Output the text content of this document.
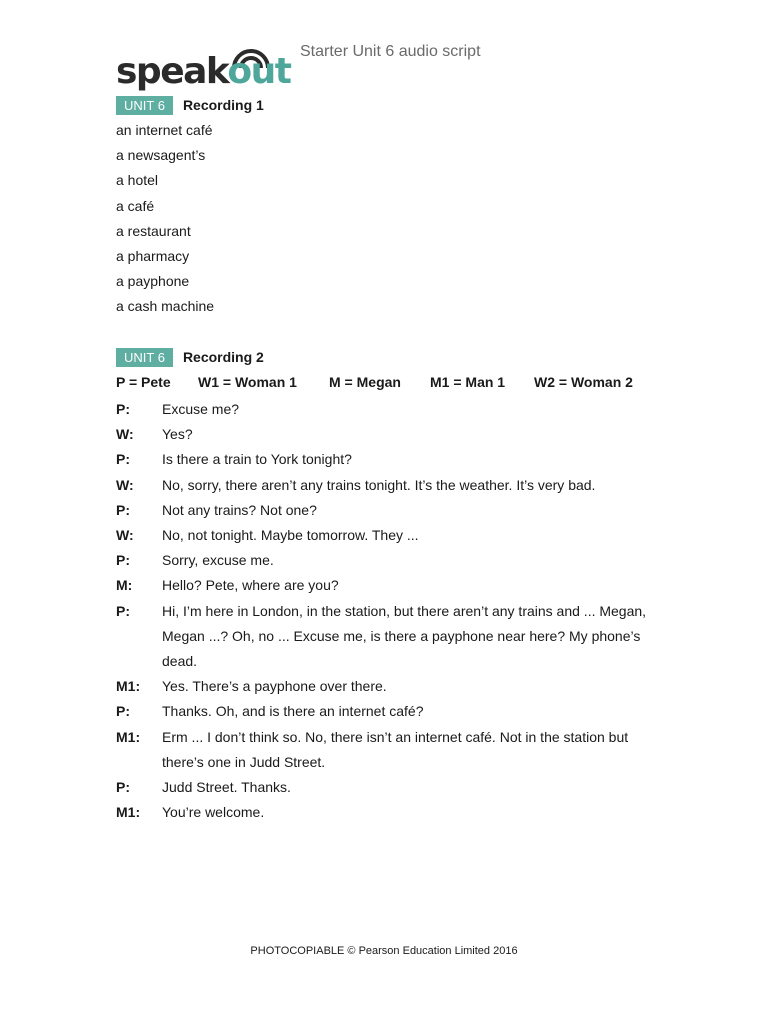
speakout Starter Unit 6 audio script
UNIT 6	Recording 1
an internet café
a newsagent’s
a hotel
a café
a restaurant
a pharmacy
a payphone
a cash machine
UNIT 6	Recording 2
P = Pete W1 = Woman 1 M = Megan M1 = Man 1 W2 = Woman 2
P:	Excuse me?
W:	Yes?
P:	Is there a train to York tonight?
W:	No, sorry, there aren’t any trains tonight. It’s the weather. It’s very bad.
P:	Not any trains? Not one?
W:	No, not tonight. Maybe tomorrow. They ...
P:	Sorry, excuse me.
M:	Hello? Pete, where are you?
P:	Hi, I’m here in London, in the station, but there aren’t any trains and ... Megan, Megan ...? Oh, no ... Excuse me, is there a payphone near here? My phone’s dead.
M1:	Yes. There’s a payphone over there.
P:	Thanks. Oh, and is there an internet café?
M1:	Erm ... I don’t think so. No, there isn’t an internet café. Not in the station but there’s one in Judd Street.
P:	Judd Street. Thanks.
M1:	You’re welcome.
PHOTOCOPIABLE © Pearson Education Limited 2016
